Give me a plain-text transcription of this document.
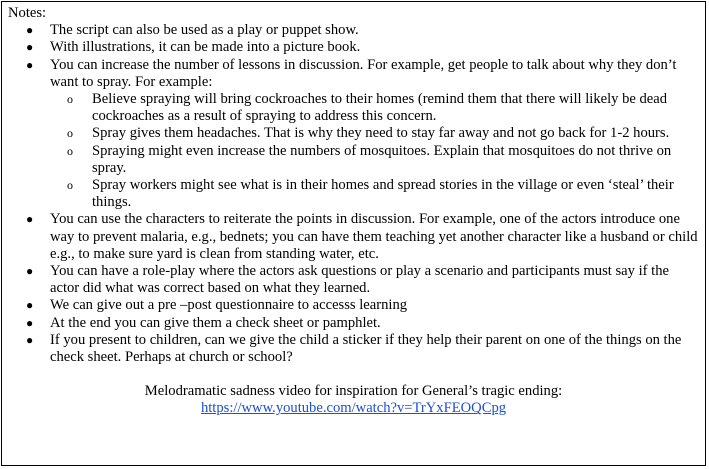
Notes:

● The script can also be used as a play or puppet show.
● With illustrations, it can be made into a picture book.
● You can increase the number of lessons in discussion. For example, get people to talk about why they don’t want to spray. For example:
o Believe spraying will bring cockroaches to their homes (remind them that there will likely be dead cockroaches as a result of spraying to address this concern.
o Spray gives them headaches. That is why they need to stay far away and not go back for 1-2 hours.
o Spraying might even increase the numbers of mosquitoes. Explain that mosquitoes do not thrive on spray.
o Spray workers might see what is in their homes and spread stories in the village or even ‘steal’ their things.
● You can use the characters to reiterate the points in discussion. For example, one of the actors introduce one way to prevent malaria, e.g., bednets; you can have them teaching yet another character like a husband or child e.g., to make sure yard is clean from standing water, etc.
● You can have a role-play where the actors ask questions or play a scenario and participants must say if the actor did what was correct based on what they learned.
● We can give out a pre –post questionnaire to accesss learning
● At the end you can give them a check sheet or pamphlet.
● If you present to children, can we give the child a sticker if they help their parent on one of the things on the check sheet. Perhaps at church or school?
Melodramatic sadness video for inspiration for General’s tragic ending:
https://www.youtube.com/watch?v=TrYxFEOQCpg
